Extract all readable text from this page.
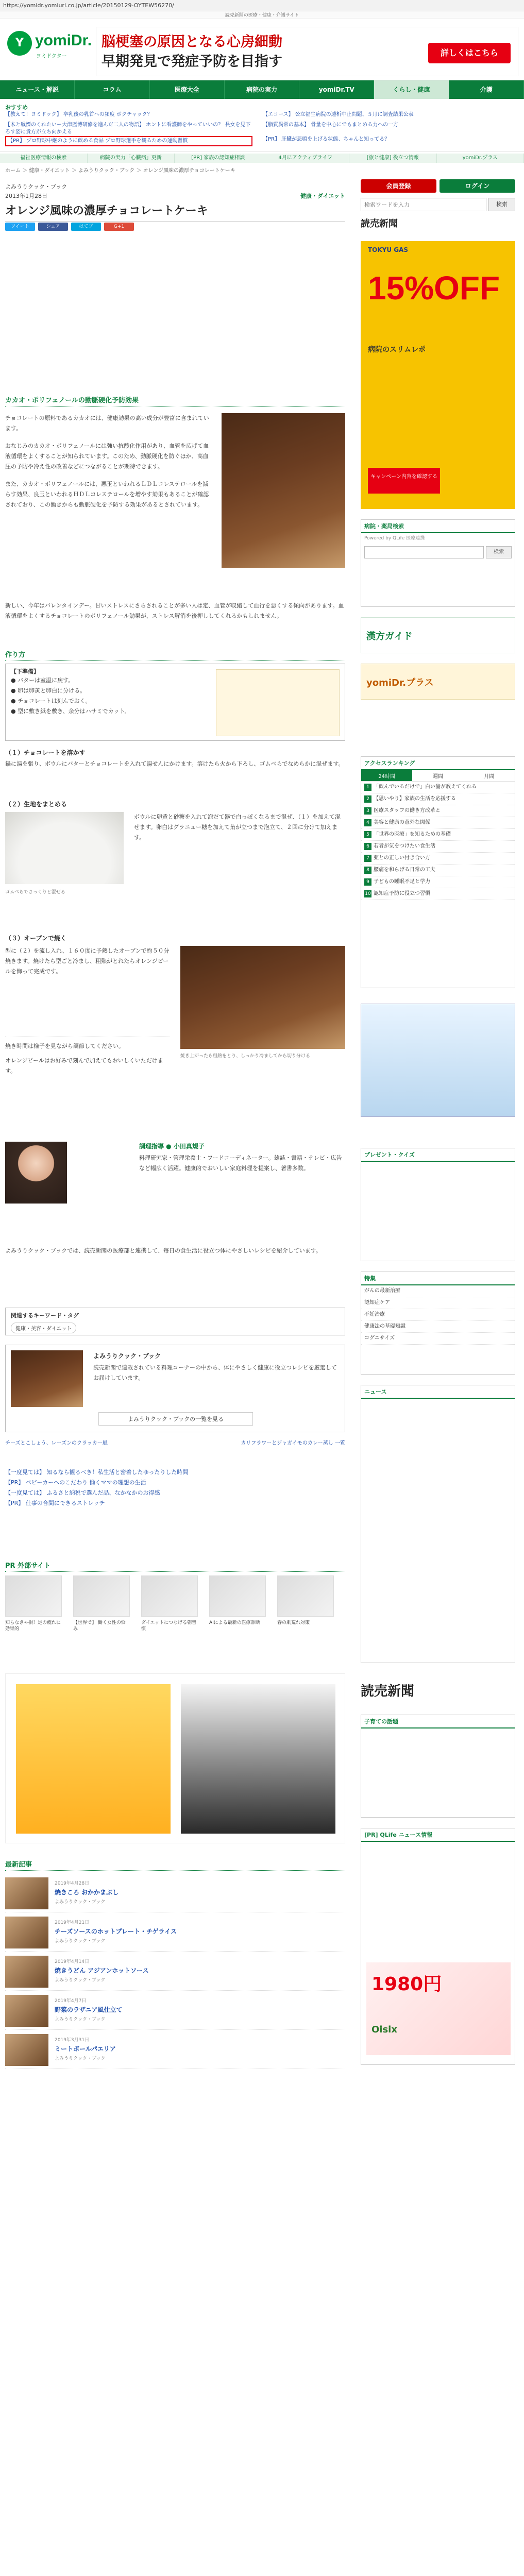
https://yomidr.yomiuri.co.jp/article/20150129-OYTEW56270/
読売新聞の医療・健康・介護サイト
Y yomiDr.
ヨミドクター
脳梗塞の原因となる心房細動
早期発見で発症予防を目指す
詳しくはこちら
ニュース・解説	コラム	医療大全	病院の実力	yomiDr.TV	くらし・健康	介護
おすすめ
【教えて！ヨミドック】 卒乳後の乳首への頻度 ボクチャック？	【エコース】 公立福生病院の透析中止問題、５月に調査結果公表
【木と戦慄のくれたいー大津歴博研修を進んだ二人の物語】 ホントに看護師をやっていいの？ 長女を見下ろす姿に貴方が立ち向かえる
【脂質異常の基本】 骨量を中心にでもまとめる力への一方
【PR】 プロ野球中継のように飲める食品 プロ野球選手を観るための運動習慣	【PR】 肝臓が悲鳴を上げる状態、ちゃんと知ってる？
福祉医療情報の検索	病院の実力「心臓病」更新	[PR] 家族の認知症相談	4月にアクティブライフ	[旅と健康] 役立つ情報	yomiDr.プラス
ホーム ＞ 健康・ダイエット ＞ よみうりクック・ブック ＞ オレンジ風味の濃厚チョコレートケーキ
よみうりクック・ブック
2013年1月28日	健康・ダイエット
オレンジ風味の濃厚チョコレートケーキ
ツイート	シェア	はてブ	G+1
カカオ・ポリフェノールの動脈硬化予防効果

チョコレートの原料であるカカオには、健康効果の高い成分が豊富に含まれています。

おなじみのカカオ・ポリフェノールには強い抗酸化作用があり、血管を広げて血液循環をよくすることが知られています。このため、動脈硬化を防ぐほか、高血圧の予防や冷え性の改善などにつながることが期待できます。

また、カカオ・ポリフェノールには、悪玉といわれるＬＤＬコレステロールを減らす効果、良玉といわれるＨＤＬコレステロールを増やす効果もあることが確認されており、この働きからも動脈硬化を予防する効果があるとされています。

新しい、今年はバレンタインデー。甘いストレスにさらされることが多い人は定、血管が収縮して血行を悪くする傾向があります。血液循環をよくするチョコレートのポリフェノール効果が、ストレス解消を後押ししてくれるかもしれません。

作り方
【下準備】
● バターは室温に戻す。
● 卵は卵黄と卵白に分ける。
● チョコレートは刻んでおく。
● 型に敷き紙を敷き、余分はハサミでカット。
（１）チョコレートを溶かす

鍋に湯を張り、ボウルにバターとチョコレートを入れて湯せんにかけます。溶けたら火から下ろし、ゴムべらでなめらかに混ぜます。

（２）生地をまとめる
ゴムべらでさっくりと混ぜる

ボウルに卵黄と砂糖を入れて泡だて器で白っぽくなるまで混ぜ、（１）を加えて混ぜます。卵白はグラニュー糖を加えて角が立つまで泡立て、２回に分けて加えます。

（３）オーブンで焼く

型に（２）を流し入れ、１６０度に予熱したオーブンで約５０分焼きます。焼けたら型ごと冷まし、粗熱がとれたらオレンジピールを飾って完成です。

焼き上がったら粗熱をとり、しっかり冷ましてから切り分ける

焼き時間は様子を見ながら調節してください。

オレンジピールはお好みで刻んで加えてもおいしくいただけます。

調理指導 ● 小田真規子

料理研究家・管理栄養士・フードコーディネーター。雑誌・書籍・テレビ・広告など幅広く活躍。健康的でおいしい家庭料理を提案し、著書多数。

よみうりクック・ブックでは、読売新聞の医療部と連携して、毎日の食生活に役立つ体にやさしいレシピを紹介しています。

関連するキーワード・タグ
健康・美容・ダイエット
よみうりクック・ブック

読売新聞で連載されている料理コーナーの中から、体にやさしく健康に役立つレシピを厳選してお届けしています。

よみうりクック・ブックの一覧を見る
チーズとこしょう、レーズンのクラッカー風	カリフラワーとジャガイモのカレー蒸し 一覧

【一度見ては】 知るなら観るべき！私生活と密着したゆったりした時間

【PR】 ベビーカーへのこだわり 働くママの理想の生活

【一度見ては】 ふるさと納税で選んだ品、なかなかのお得感

【PR】 仕事の合間にできるストレッチ

PR 外部サイト
知らなきゃ損！足の疲れに効果的
【世界で】 働く女性の悩み
ダイエットにつなげる朝習慣
AIによる最新の医療診断	春の肌荒れ対策
最新記事
2019年4月28日
焼きころ おかかまぶし
よみうりクック・ブック
2019年4月21日
チーズソースのホットプレート・チゲライス
よみうりクック・ブック
2019年4月14日
焼きうどん アジアンホットソース
よみうりクック・ブック
2019年4月7日
野菜のラザニア風仕立て
よみうりクック・ブック
2019年3月31日
ミートボールパエリア
よみうりクック・ブック
会員登録	ログイン
検索ワードを入力
検索
読売新聞
TOKYU GAS
15%OFF
病院のスリムレポ
キャンペーン内容を確認する
病院・薬局検索
Powered by QLife 医療連携
検索
漢方ガイド
yomiDr.プラス
アクセスランキング
24時間	週間	月間
1 「飲んでいるだけで」白い歯が教えてくれる
2 【思いやり】家族の生活を応援する
3 医療スタッフの働き方改革と
4 美容と健康の意外な関係
5 「世界の医療」を知るための基礎
6 若者が気をつけたい食生活
7 薬との正しい付き合い方
8 腰痛を和らげる日常の工夫
9 子どもの睡眠不足と学力
10 認知症予防に役立つ習慣
プレゼント・クイズ
特集
がんの最新治療
認知症ケア
不妊治療
健康法の基礎知識
コグニサイズ
ニュース
読売新聞
子育ての話題
[PR] QLife ニュース情報
1980円
Oisix
